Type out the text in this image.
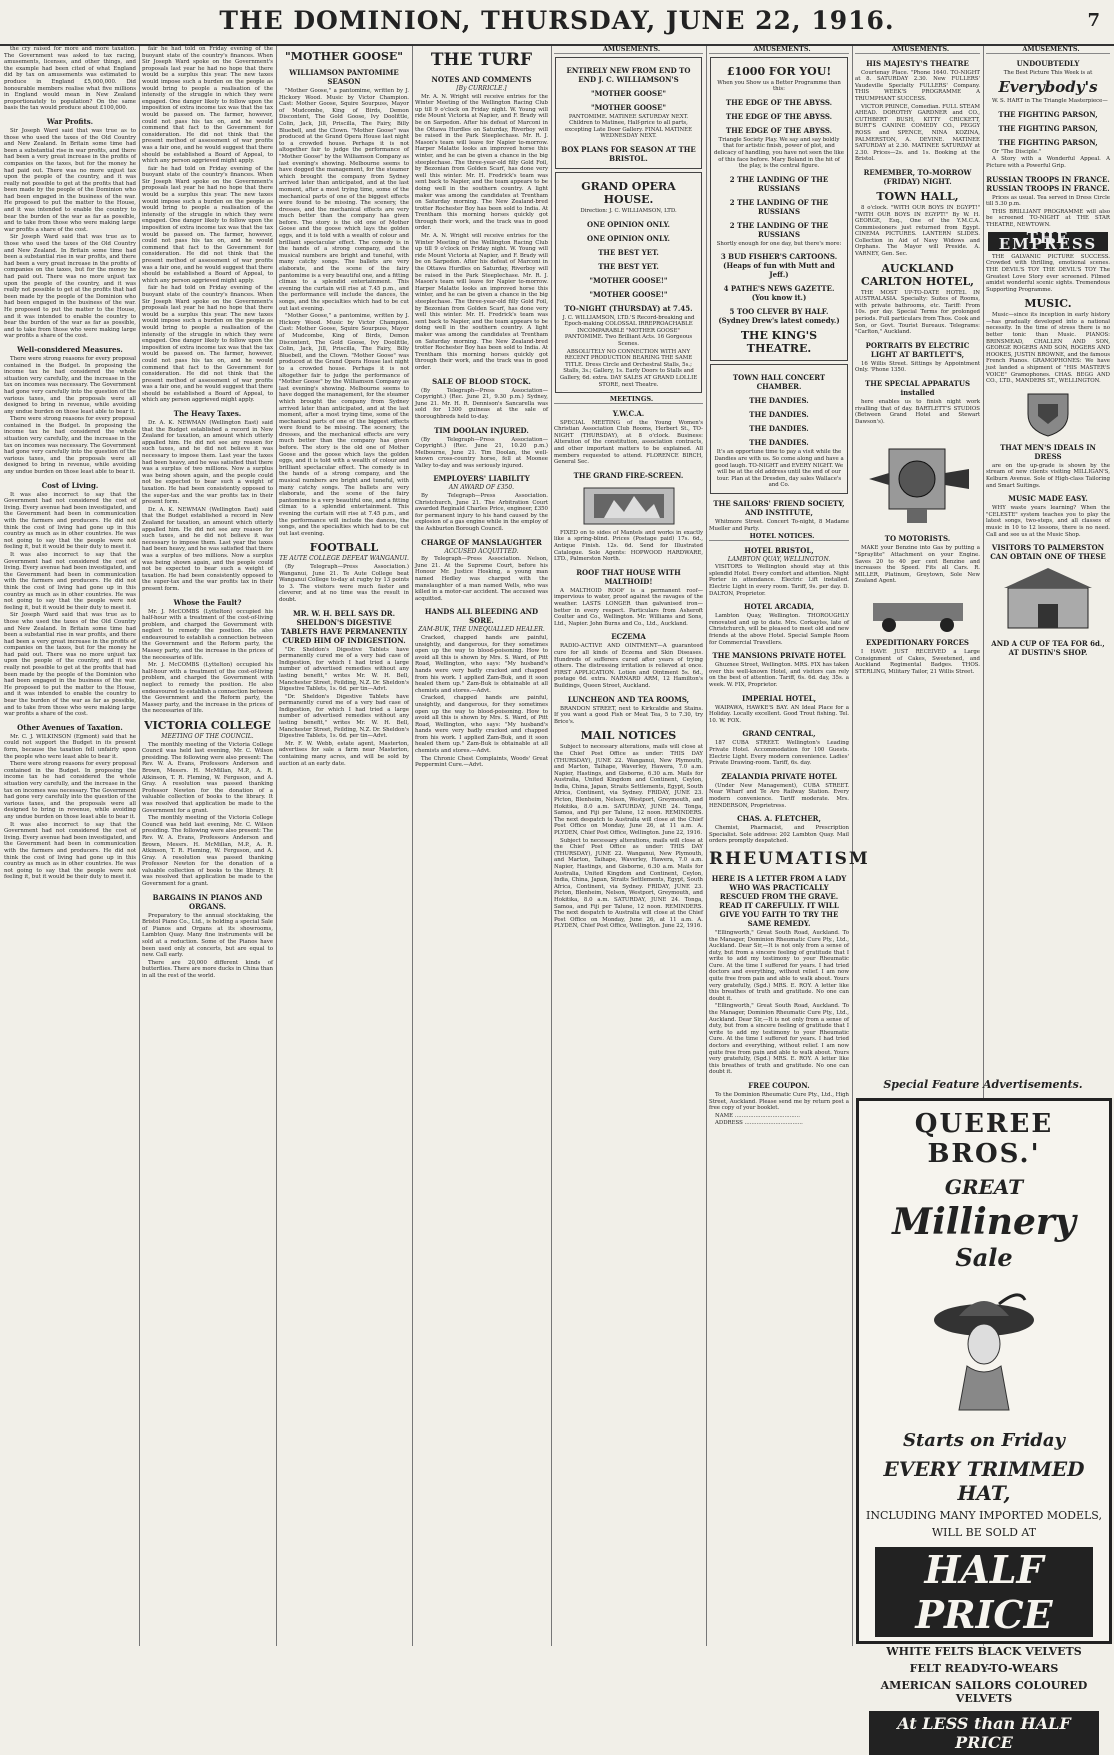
THE DOMINION, THURSDAY, JUNE 22, 1916.	7

the cry raised for more and more taxation. The Government was asked to tax racing, amusements, licenses, and other things, and the example had been cited of what England did by tax on amusements was estimated to produce in England £5,000,000. Did honourable members realise what five millions in England would mean in New Zealand proportionately to population? On the same basis the tax would produce about £100,000.

War Profits.

Sir Joseph Ward said that was true as to those who used the taxes of the Old Country and New Zealand. In Britain some time had been a substantial rise in war profits, and there had been a very great increase in the profits of companies on the taxes, but for the money he had paid out. There was no more unjust tax upon the people of the country, and it was really not possible to get at the profits that had been made by the people of the Dominion who had been engaged in the business of the war. He proposed to put the matter to the House, and it was intended to enable the country to bear the burden of the war as far as possible, and to take from those who were making large war profits a share of the cost.

Sir Joseph Ward said that was true as to those who used the taxes of the Old Country and New Zealand. In Britain some time had been a substantial rise in war profits, and there had been a very great increase in the profits of companies on the taxes, but for the money he had paid out. There was no more unjust tax upon the people of the country, and it was really not possible to get at the profits that had been made by the people of the Dominion who had been engaged in the business of the war. He proposed to put the matter to the House, and it was intended to enable the country to bear the burden of the war as far as possible, and to take from those who were making large war profits a share of the cost.

Well-considered Measures.

There were strong reasons for every proposal contained in the Budget. In proposing the income tax he had considered the whole situation very carefully, and the increase in the tax on incomes was necessary. The Government had gone very carefully into the question of the various taxes, and the proposals were all designed to bring in revenue, while avoiding any undue burden on those least able to bear it.

There were strong reasons for every proposal contained in the Budget. In proposing the income tax he had considered the whole situation very carefully, and the increase in the tax on incomes was necessary. The Government had gone very carefully into the question of the various taxes, and the proposals were all designed to bring in revenue, while avoiding any undue burden on those least able to bear it.

Cost of Living.

It was also incorrect to say that the Government had not considered the cost of living. Every avenue had been investigated, and the Government had been in communication with the farmers and producers. He did not think the cost of living had gone up in this country as much as in other countries. He was not going to say that the people were not feeling it, but it would be their duty to meet it.

It was also incorrect to say that the Government had not considered the cost of living. Every avenue had been investigated, and the Government had been in communication with the farmers and producers. He did not think the cost of living had gone up in this country as much as in other countries. He was not going to say that the people were not feeling it, but it would be their duty to meet it.

Sir Joseph Ward said that was true as to those who used the taxes of the Old Country and New Zealand. In Britain some time had been a substantial rise in war profits, and there had been a very great increase in the profits of companies on the taxes, but for the money he had paid out. There was no more unjust tax upon the people of the country, and it was really not possible to get at the profits that had been made by the people of the Dominion who had been engaged in the business of the war. He proposed to put the matter to the House, and it was intended to enable the country to bear the burden of the war as far as possible, and to take from those who were making large war profits a share of the cost.

Other Avenues of Taxation.

Mr. C. J. WILKINSON (Egmont) said that he could not support the Budget in its present form, because the taxation fell unfairly upon the people who were least able to bear it.

There were strong reasons for every proposal contained in the Budget. In proposing the income tax he had considered the whole situation very carefully, and the increase in the tax on incomes was necessary. The Government had gone very carefully into the question of the various taxes, and the proposals were all designed to bring in revenue, while avoiding any undue burden on those least able to bear it.

It was also incorrect to say that the Government had not considered the cost of living. Every avenue had been investigated, and the Government had been in communication with the farmers and producers. He did not think the cost of living had gone up in this country as much as in other countries. He was not going to say that the people were not feeling it, but it would be their duty to meet it.

fair he had told on Friday evening of the buoyant state of the country's finances. When Sir Joseph Ward spoke on the Government's proposals last year he had no hope that there would be a surplus this year. The new taxes would impose such a burden on the people as would bring to people a realisation of the intensity of the struggle in which they were engaged. One danger likely to follow upon the imposition of extra income tax was that the tax would be passed on. The farmer, however, could not pass his tax on, and he would commend that fact to the Government for consideration. He did not think that the present method of assessment of war profits was a fair one, and he would suggest that there should be established a Board of Appeal, to which any person aggrieved might apply.

fair he had told on Friday evening of the buoyant state of the country's finances. When Sir Joseph Ward spoke on the Government's proposals last year he had no hope that there would be a surplus this year. The new taxes would impose such a burden on the people as would bring to people a realisation of the intensity of the struggle in which they were engaged. One danger likely to follow upon the imposition of extra income tax was that the tax would be passed on. The farmer, however, could not pass his tax on, and he would commend that fact to the Government for consideration. He did not think that the present method of assessment of war profits was a fair one, and he would suggest that there should be established a Board of Appeal, to which any person aggrieved might apply.

fair he had told on Friday evening of the buoyant state of the country's finances. When Sir Joseph Ward spoke on the Government's proposals last year he had no hope that there would be a surplus this year. The new taxes would impose such a burden on the people as would bring to people a realisation of the intensity of the struggle in which they were engaged. One danger likely to follow upon the imposition of extra income tax was that the tax would be passed on. The farmer, however, could not pass his tax on, and he would commend that fact to the Government for consideration. He did not think that the present method of assessment of war profits was a fair one, and he would suggest that there should be established a Board of Appeal, to which any person aggrieved might apply.

The Heavy Taxes.

Dr. A. K. NEWMAN (Wellington East) said that the Budget established a record in New Zealand for taxation, an amount which utterly appalled him. He did not see any reason for such taxes, and he did not believe it was necessary to impose them. Last year the taxes had been heavy, and he was satisfied that there was a surplus of two millions. Now a surplus was being shown again, and the people could not be expected to bear such a weight of taxation. He had been consistently opposed to the super-tax and the war profits tax in their present form.

Dr. A. K. NEWMAN (Wellington East) said that the Budget established a record in New Zealand for taxation, an amount which utterly appalled him. He did not see any reason for such taxes, and he did not believe it was necessary to impose them. Last year the taxes had been heavy, and he was satisfied that there was a surplus of two millions. Now a surplus was being shown again, and the people could not be expected to bear such a weight of taxation. He had been consistently opposed to the super-tax and the war profits tax in their present form.

Whose the Fault?

Mr. J. McCOMBS (Lyttelton) occupied his half-hour with a treatment of the cost-of-living problem, and charged the Government with neglect to remedy the position. He also endeavoured to establish a connection between the Government and the Reform party, the Massey party, and the increase in the prices of the necessaries of life.

Mr. J. McCOMBS (Lyttelton) occupied his half-hour with a treatment of the cost-of-living problem, and charged the Government with neglect to remedy the position. He also endeavoured to establish a connection between the Government and the Reform party, the Massey party, and the increase in the prices of the necessaries of life.

VICTORIA COLLEGE

MEETING OF THE COUNCIL.

The monthly meeting of the Victoria College Council was held last evening, Mr. C. Wilson presiding. The following were also present: The Rev. W. A. Evans, Professors Anderson and Brown, Messrs. H. McMillan, M.P., A. R. Atkinson, T. R. Fleming, W. Ferguson, and A. Gray. A resolution was passed thanking Professor Newton for the donation of a valuable collection of books to the library. It was resolved that application be made to the Government for a grant.

The monthly meeting of the Victoria College Council was held last evening, Mr. C. Wilson presiding. The following were also present: The Rev. W. A. Evans, Professors Anderson and Brown, Messrs. H. McMillan, M.P., A. R. Atkinson, T. R. Fleming, W. Ferguson, and A. Gray. A resolution was passed thanking Professor Newton for the donation of a valuable collection of books to the library. It was resolved that application be made to the Government for a grant.

BARGAINS IN PIANOS AND ORGANS.

Preparatory to the annual stocktaking, the Bristol Piano Co., Ltd., is holding a special Sale of Pianos and Organs at its showrooms, Lambton Quay. Many fine instruments will be sold at a reduction. Some of the Pianos have been used only at concerts, but are equal to new. Call early.

There are 20,000 different kinds of butterflies. There are more ducks in China than in all the rest of the world.

"MOTHER GOOSE"

WILLIAMSON PANTOMIME SEASON

"Mother Goose," a pantomime, written by J. Hickory Wood. Music by Victor Champion. Cast: Mother Goose, Squire Sourpuss, Mayor of Mudcombe, King of Birds, Demon Discontent, The Gold Goose, Ivy Doolittle, Colin, Jack, Jill, Priscilla, The Fairy, Billy Bluebell, and the Clown. "Mother Goose" was produced at the Grand Opera House last night to a crowded house. Perhaps it is not altogether fair to judge the performance of "Mother Goose" by the Williamson Company as last evening's showing. Melbourne seems to have dogged the management, for the steamer which brought the company from Sydney arrived later than anticipated, and at the last moment, after a most trying time, some of the mechanical parts of one of the biggest effects were found to be missing. The scenery, the dresses, and the mechanical effects are very much better than the company has given before. The story is the old one of Mother Goose and the goose which lays the golden eggs, and it is told with a wealth of colour and brilliant spectacular effect. The comedy is in the hands of a strong company, and the musical numbers are bright and tuneful, with many catchy songs. The ballets are very elaborate, and the scene of the fairy pantomime is a very beautiful one, and a fitting climax to a splendid entertainment. This evening the curtain will rise at 7.45 p.m., and the performance will include the dances, the songs, and the specialties which had to be cut out last evening.

"Mother Goose," a pantomime, written by J. Hickory Wood. Music by Victor Champion. Cast: Mother Goose, Squire Sourpuss, Mayor of Mudcombe, King of Birds, Demon Discontent, The Gold Goose, Ivy Doolittle, Colin, Jack, Jill, Priscilla, The Fairy, Billy Bluebell, and the Clown. "Mother Goose" was produced at the Grand Opera House last night to a crowded house. Perhaps it is not altogether fair to judge the performance of "Mother Goose" by the Williamson Company as last evening's showing. Melbourne seems to have dogged the management, for the steamer which brought the company from Sydney arrived later than anticipated, and at the last moment, after a most trying time, some of the mechanical parts of one of the biggest effects were found to be missing. The scenery, the dresses, and the mechanical effects are very much better than the company has given before. The story is the old one of Mother Goose and the goose which lays the golden eggs, and it is told with a wealth of colour and brilliant spectacular effect. The comedy is in the hands of a strong company, and the musical numbers are bright and tuneful, with many catchy songs. The ballets are very elaborate, and the scene of the fairy pantomime is a very beautiful one, and a fitting climax to a splendid entertainment. This evening the curtain will rise at 7.45 p.m., and the performance will include the dances, the songs, and the specialties which had to be cut out last evening.

FOOTBALL

TE AUTE COLLEGE DEFEAT WANGANUI.

(By Telegraph—Press Association.) Wanganui, June 21. Te Aute College beat Wanganui College to-day at rugby by 13 points to 3. The visitors were much faster and cleverer, and at no time was the result in doubt.

MR. W. H. BELL SAYS DR. SHELDON'S DIGESTIVE TABLETS HAVE PERMANENTLY CURED HIM OF INDIGESTION.

"Dr. Sheldon's Digestive Tablets have permanently cured me of a very bad case of Indigestion, for which I had tried a large number of advertised remedies without any lasting benefit," writes Mr. W. H. Bell, Manchester Street, Feilding, N.Z. Dr. Sheldon's Digestive Tablets, 1s. 6d. per tin—Advt.

"Dr. Sheldon's Digestive Tablets have permanently cured me of a very bad case of Indigestion, for which I had tried a large number of advertised remedies without any lasting benefit," writes Mr. W. H. Bell, Manchester Street, Feilding, N.Z. Dr. Sheldon's Digestive Tablets, 1s. 6d. per tin—Advt.

Mr. F. W. Webb, estate agent, Masterton, advertises for sale a farm near Masterton, containing many acres, and will be sold by auction at an early date.

THE TURF

NOTES AND COMMENTS

[By CURRICLE.]

Mr. A. N. Wright will receive entries for the Winter Meeting of the Wellington Racing Club up till 9 o'clock on Friday night. W. Young will ride Mount Victoria at Napier, and F. Brady will be on Sarpedon. After his defeat of Marconi in the Ottawa Hurdles on Saturday, Riverboy will be raised in the Park Steeplechase. Mr. R. J. Mason's team will leave for Napier to-morrow. Harper Malatte looks an improved horse this winter, and he can be given a chance in the big steeplechase. The three-year-old filly Gold Foil, by Bezonian from Golden Scarf, has done very well this winter. Mr. H. Fredrick's team was sent back to Napier, and the team appears to be doing well in the southern country. A light maker was among the candidates at Trentham on Saturday morning. The New Zealand-bred trotter Rochester Boy has been sold to India. At Trentham this morning horses quickly got through their work, and the track was in good order.

Mr. A. N. Wright will receive entries for the Winter Meeting of the Wellington Racing Club up till 9 o'clock on Friday night. W. Young will ride Mount Victoria at Napier, and F. Brady will be on Sarpedon. After his defeat of Marconi in the Ottawa Hurdles on Saturday, Riverboy will be raised in the Park Steeplechase. Mr. R. J. Mason's team will leave for Napier to-morrow. Harper Malatte looks an improved horse this winter, and he can be given a chance in the big steeplechase. The three-year-old filly Gold Foil, by Bezonian from Golden Scarf, has done very well this winter. Mr. H. Fredrick's team was sent back to Napier, and the team appears to be doing well in the southern country. A light maker was among the candidates at Trentham on Saturday morning. The New Zealand-bred trotter Rochester Boy has been sold to India. At Trentham this morning horses quickly got through their work, and the track was in good order.

SALE OF BLOOD STOCK.

(By Telegraph—Press Association—Copyright.) (Rec. June 21, 9.30 p.m.) Sydney, June 21. Mr. H. R. Dennison's Sancarella was sold for 1300 guineas at the sale of thoroughbreds held to-day.

TIM DOOLAN INJURED.

(By Telegraph—Press Association—Copyright.) (Rec. June 21, 10.20 p.m.) Melbourne, June 21. Tim Doolan, the well-known cross-country horse, fell at Moonee Valley to-day and was seriously injured.

EMPLOYERS' LIABILITY

AN AWARD OF £350.

By Telegraph—Press Association. Christchurch, June 21. The Arbitration Court awarded Reginald Charles Price, engineer, £350 for permanent injury to his hand caused by the explosion of a gas engine while in the employ of the Ashburton Borough Council.

CHARGE OF MANSLAUGHTER

ACCUSED ACQUITTED.

By Telegraph—Press Association. Nelson, June 21. At the Supreme Court, before his Honour Mr. Justice Hosking, a young man named Hedley was charged with the manslaughter of a man named Wells, who was killed in a motor-car accident. The accused was acquitted.

HANDS ALL BLEEDING AND SORE.

ZAM-BUK, THE UNEQUALLED HEALER.

Cracked, chapped hands are painful, unsightly, and dangerous, for they sometimes open up the way to blood-poisoning. How to avoid all this is shown by Mrs. S. Ward, of Pitt Road, Wellington, who says: "My husband's hands were very badly cracked and chapped from his work. I applied Zam-Buk, and it soon healed them up." Zam-Buk is obtainable at all chemists and stores.—Advt.

Cracked, chapped hands are painful, unsightly, and dangerous, for they sometimes open up the way to blood-poisoning. How to avoid all this is shown by Mrs. S. Ward, of Pitt Road, Wellington, who says: "My husband's hands were very badly cracked and chapped from his work. I applied Zam-Buk, and it soon healed them up." Zam-Buk is obtainable at all chemists and stores.—Advt.

The Chronic Chest Complaints, Woods' Great Peppermint Cure.—Advt.

AMUSEMENTS.

ENTIRELY NEW FROM END TO END J. C. WILLIAMSON'S

"MOTHER GOOSE"

"MOTHER GOOSE"

PANTOMIME. MATINEE SATURDAY NEXT. Children to Matinee, Half-price to all parts, excepting Late Door Gallery. FINAL MATINEE WEDNESDAY NEXT.

BOX PLANS FOR SEASON AT THE BRISTOL.

GRAND OPERA HOUSE.

Direction: J. C. WILLIAMSON, LTD.

ONE OPINION ONLY.

ONE OPINION ONLY.

THE BEST YET.

THE BEST YET.

"MOTHER GOOSE!"

"MOTHER GOOSE!"

TO-NIGHT (THURSDAY) at 7.45.

J. C. WILLIAMSON, LTD.'S Record-breaking and Epoch-making COLOSSAL IRREPROACHABLE INCOMPARABLE "MOTHER GOOSE" PANTOMIME. Two Brilliant Acts. 16 Gorgeous Scenes.

ABSOLUTELY NO CONNECTION WITH ANY RECENT PRODUCTION BEARING THE SAME TITLE. Dress Circle and Orchestral Stalls, 5s.; Stalls, 3s.; Gallery, 1s. Early Doors to Stalls and Gallery, 6d. extra. DAY SALES AT GRAND LOLLIE STORE, next Theatre.

MEETINGS.

Y.W.C.A.

SPECIAL MEETING of the Young Women's Christian Association Club Rooms, Herbert St., TO-NIGHT (THURSDAY), at 8 o'clock. Business: Alteration of the constitution, association contracts, and other important matters to be explained. All members requested to attend. FLORENCE BIRCH, General Sec.

THE GRAND FIRE-SCREEN.

FIXED on to sides of Mantels and works in exactly like a spring-blind. Prices (Postage paid) 17s. 6d., Antique Finish. 12s. 6d. Send for Illustrated Catalogue. Sole Agents: HOPWOOD HARDWARE, LTD., Palmerston North.

ROOF THAT HOUSE WITH MALTHOID!

A MALTHOID ROOF is a permanent roof—impervious to water, proof against the ravages of the weather. LASTS LONGER than galvanised iron—better in every respect. Particulars from Asheroft Coulter and Co., Wellington. Mr. Williams and Sons, Ltd., Napier. John Burns and Co., Ltd., Auckland.

ECZEMA

RADIO-ACTIVE AND OINTMENT—A guaranteed cure for all kinds of Eczema and Skin Diseases. Hundreds of sufferers cured after years of trying others. The distressing irritation is relieved at once. FIRST APPLICATION. Lotion and Ointment 5s. 6d., postage 6d. extra. NARNARD ARM, 12 Hamilton's Buildings, Queen Street, Auckland.

LUNCHEON AND TEA ROOMS,

BRANDON STREET, next to Kirkcaldie and Stains. If you want a good Fish or Meat Tea, 5 to 7.30, try Brice's.

MAIL NOTICES

Subject to necessary alterations, mails will close at the Chief Post Office as under: THIS DAY (THURSDAY), JUNE 22. Wanganui, New Plymouth, and Marton, Taihape, Waverley, Hawera, 7.0 a.m. Napier, Hastings, and Gisborne, 6.30 a.m. Mails for Australia, United Kingdom and Continent, Ceylon, India, China, Japan, Straits Settlements, Egypt, South Africa, Continent, via Sydney. FRIDAY, JUNE 23. Picton, Blenheim, Nelson, Westport, Greymouth, and Hokitika, 8.0 a.m. SATURDAY, JUNE 24. Tonga, Samoa, and Fiji per Talune, 12 noon. REMINDERS. The next despatch to Australia will close at the Chief Post Office on Monday, June 26, at 11 a.m. A. PLYDEN, Chief Post Office, Wellington. June 22, 1916.

Subject to necessary alterations, mails will close at the Chief Post Office as under: THIS DAY (THURSDAY), JUNE 22. Wanganui, New Plymouth, and Marton, Taihape, Waverley, Hawera, 7.0 a.m. Napier, Hastings, and Gisborne, 6.30 a.m. Mails for Australia, United Kingdom and Continent, Ceylon, India, China, Japan, Straits Settlements, Egypt, South Africa, Continent, via Sydney. FRIDAY, JUNE 23. Picton, Blenheim, Nelson, Westport, Greymouth, and Hokitika, 8.0 a.m. SATURDAY, JUNE 24. Tonga, Samoa, and Fiji per Talune, 12 noon. REMINDERS. The next despatch to Australia will close at the Chief Post Office on Monday, June 26, at 11 a.m. A. PLYDEN, Chief Post Office, Wellington. June 22, 1916.

AMUSEMENTS.

£1000 FOR YOU!

When you Show us a Better Programme than this:

THE EDGE OF THE ABYSS.

THE EDGE OF THE ABYSS.

THE EDGE OF THE ABYSS.

Triangle Society Play. We say and say boldly that for artistic finish, power of plot, and delicacy of handling, you have not seen the like of this face before. Mary Boland in the hit of the play, is the central figure.

2 THE LANDING OF THE RUSSIANS

2 THE LANDING OF THE RUSSIANS

2 THE LANDING OF THE RUSSIANS

Shortly enough for one day, but there's more:

3 BUD FISHER'S CARTOONS. (Heaps of fun with Mutt and Jeff.)

4 PATHE'S NEWS GAZETTE. (You know it.)

5 TOO CLEVER BY HALF. (Sydney Drew's latest comedy.)

THE KING'S THEATRE.

TOWN HALL CONCERT CHAMBER.

THE DANDIES.

THE DANDIES.

THE DANDIES.

THE DANDIES.

It's an opportune time to pay a visit while the Dandies are with us. So come along and have a good laugh. TO-NIGHT and EVERY NIGHT. We will be at the old address until the end of our tour. Plan at the Dresden, day sales Wallace's and Co.

THE SAILORS' FRIEND SOCIETY, AND INSTITUTE,

Whitmore Street. Concert To-night, 8 Madame Mueller and Party.

HOTEL NOTICES.

HOTEL BRISTOL,

LAMBTON QUAY, WELLINGTON.

VISITORS to Wellington should stay at this splendid Hotel. Every comfort and attention. Night Porter in attendance. Electric Lift installed. Electric Light in every room. Tariff, 9s. per day. D. DALTON, Proprietor.

HOTEL ARCADIA,

Lambton Quay, Wellington. THOROUGHLY renovated and up to date. Mrs. Corkaylss, late of Christchurch, will be pleased to meet old and new friends at the above Hotel. Special Sample Room for Commercial Travellers.

THE MANSIONS PRIVATE HOTEL

Ghuznee Street, Wellington. MRS. FIX has taken over this well-known Hotel, and visitors can rely on the best of attention. Tariff, 6s. 6d. day, 35s. a week. W. FIX, Proprietor.

IMPERIAL HOTEL,

WAIPAWA, HAWKE'S BAY. AN Ideal Place for a Holiday. Locally excellent. Good Trout fishing. Tel. 10. W. FOX.

GRAND CENTRAL,

187 CUBA STREET. Wellington's Leading Private Hotel. Accommodation for 100 Guests. Electric Light. Every modern convenience. Ladies' Private Drawing-room. Tariff, 6s. day.

ZEALANDIA PRIVATE HOTEL

(Under New Management), CUBA STREET. Near Wharf and Te Aro Railway Station. Every modern convenience. Tariff moderate. Mrs. HENDERSON, Proprietress.

CHAS. A. FLETCHER,

Chemist, Pharmacist, and Prescription Specialist. Sole address: 202 Lambton Quay. Mail orders promptly despatched.

RHEUMATISM

HERE IS A LETTER FROM A LADY WHO WAS PRACTICALLY RESCUED FROM THE GRAVE. READ IT CAREFULLY. IT WILL GIVE YOU FAITH TO TRY THE SAME REMEDY.

"Ellingworth," Great South Road, Auckland. To the Manager, Dominion Rheumatic Cure Pty., Ltd., Auckland. Dear Sir,—It is not only from a sense of duty, but from a sincere feeling of gratitude that I write to add my testimony to your Rheumatic Cure. At the time I suffered for years. I had tried doctors and everything, without relief. I am now quite free from pain and able to walk about. Yours very gratefully, (Sgd.) MRS. E. ROY. A letter like this breathes of truth and gratitude. No one can doubt it.

"Ellingworth," Great South Road, Auckland. To the Manager, Dominion Rheumatic Cure Pty., Ltd., Auckland. Dear Sir,—It is not only from a sense of duty, but from a sincere feeling of gratitude that I write to add my testimony to your Rheumatic Cure. At the time I suffered for years. I had tried doctors and everything, without relief. I am now quite free from pain and able to walk about. Yours very gratefully, (Sgd.) MRS. E. ROY. A letter like this breathes of truth and gratitude. No one can doubt it.

FREE COUPON.

To the Dominion Rheumatic Cure Pty., Ltd., High Street, Auckland. Please send me by return post a free copy of your booklet.

NAME ......................................

ADDRESS ..................................

AMUSEMENTS.

HIS MAJESTY'S THEATRE

Courtenay Place. "Phone 1640. TO-NIGHT at 8. SATURDAY 2.30. New FULLERS' Vaudeville Specialty FULLERS' Company. THIS WEEK'S PROGRAMME A TRIUMPHANT SUCCESS.

VICTOR PRINCE, Comedian. FULL STEAM AHEAD. DOROTHY GARDNER and CO., CUTHBERT BUSH, KITTY CRICKETT, BURT'S CANINE COMEDY CO., PEGGY ROSS and SPENCE, NINA KOZINA, PALMERSTON, A. DEVINE. MATINEE SATURDAY at 2.30. MATINEE SATURDAY at 2.30. Prices—2s. and 1s. Booking at the Bristol.

REMEMBER, TO-MORROW (FRIDAY) NIGHT.

TOWN HALL,

8 o'clock. "WITH OUR BOYS IN EGYPT!" "WITH OUR BOYS IN EGYPT!" By W. H. GEORGE, Esq., One of the Y.M.C.A. Commissioners just returned from Egypt. CINEMA PICTURES. LANTERN SLIDES. Collection in Aid of Navy Widows and Orphans. The Mayor will Preside. A. VARNEY, Gen. Sec.

AUCKLAND CARLTON HOTEL,

THE MOST UP-TO-DATE HOTEL IN AUSTRALASIA. Specialty: Suites of Rooms, with private bathrooms, etc. Tariff: From 10s. per day. Special Terms for prolonged periods. Full particulars from Thos. Cook and Son, or Govt. Tourist Bureaux. Telegrams: "Carlton," Auckland.

PORTRAITS BY ELECTRIC LIGHT AT BARTLETT'S,

16 Willis Street. Sittings by Appointment Only. 'Phone 1350.

THE SPECIAL APPARATUS installed

here enables us to finish night work rivalling that of day. BARTLETT'S STUDIOS (Between Grand Hotel and Stewart Dawson's).

TO MOTORISTS.

MAKE your Benzine into Gas by putting a "Spraylite" Attachment on your Engine. Saves 20 to 40 per cent Benzine and increases the Speed. Fits all Cars. R. MILLER, Platinum, Greytown, Sole New Zealand Agent.

EXPEDITIONARY FORCES

I HAVE JUST RECEIVED a Large Consignment of Cakes, Sweetened, and Auckland Regimental Badges. THOS. STERLING, Military Tailor, 21 Willis Street.

AMUSEMENTS.

UNDOUBTEDLY

The Best Picture This Week is at

Everybody's

W. S. HART in The Triangle Masterpiece—

THE FIGHTING PARSON,

THE FIGHTING PARSON,

THE FIGHTING PARSON,

Or "The Disciple."

A Story with a Wonderful Appeal. A Picture with a Powerful Grip.

RUSSIAN TROOPS IN FRANCE. RUSSIAN TROOPS IN FRANCE.

Prices as usual. Tea served in Dress Circle till 5.30 p.m.

THIS BRILLIANT PROGRAMME will also be screened TO-NIGHT at THE STAR THEATRE, NEWTOWN.

THE EMPRESS

THE GALVANIC PICTURE SUCCESS. Crowded with thrilling, emotional scenes. THE DEVIL'S TOY THE DEVIL'S TOY The Greatest Love Story ever screened. Filmed amidst wonderful scenic sights. Tremendous Supporting Programme.

MUSIC.

Music—since its inception in early history—has gradually developed into a national necessity. In the time of stress there is no better tonic than Music. PIANOS: BRINSMEAD, CHALLEN AND SON, GEORGE ROGERS AND SON, ROGERS AND HOOKES, JUSTIN BROWNE, and the famous French Pianos. GRAMOPHONES: We have just landed a shipment of "HIS MASTER'S VOICE" Gramophones. CHAS. BEGG AND CO., LTD., MANDERS ST., WELLINGTON.

THAT MEN'S IDEALS IN DRESS

are on the up-grade is shown by the stream of new clients visiting MILLIGAN'S, Kelburn Avenue. Sole of High-class Tailoring and Smart Suitings.

MUSIC MADE EASY.

WHY waste years learning? When the "CELESTE" system teaches you to play the latest songs, two-steps, and all classes of music in 10 to 12 lessons, there is no need. Call and see us at the Music Shop.

VISITORS TO PALMERSTON CAN OBTAIN ONE OF THESE

AND A CUP OF TEA FOR 6d., AT DUSTIN'S SHOP.

Special Feature Advertisements.
QUEREE BROS.'
GREAT
Millinery
Sale
Starts on Friday
EVERY TRIMMED HAT,
INCLUDING MANY IMPORTED MODELS,
WILL BE SOLD AT
HALF PRICE
WHITE FELTS BLACK VELVETS
FELT READY-TO-WEARS
AMERICAN SAILORS COLOURED VELVETS
At LESS than HALF PRICE
